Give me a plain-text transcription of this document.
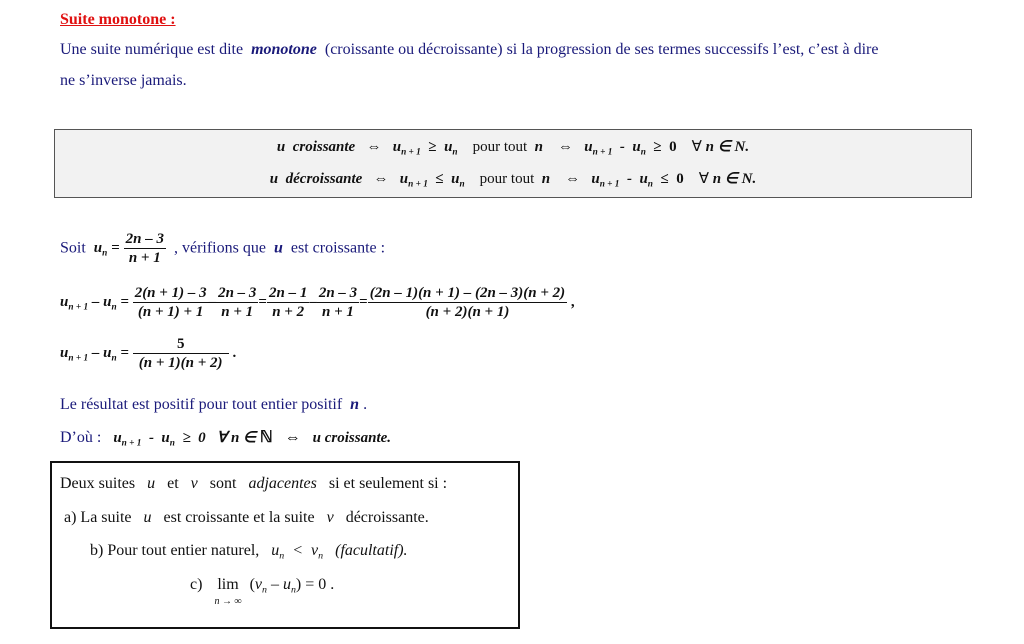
Suite monotone :
Une suite numérique est dite monotone (croissante ou décroissante) si la progression de ses termes successifs l’est, c’est à dire
ne s’inverse jamais.
u croissante ⇔ $u_{n + 1} \ge u_n$ pour tout n ⇔ $u_{n + 1} - u_n \ge 0$ ∀ n ∈ N.
u décroissante ⇔ $u_{n + 1} \le u_n$ pour tout n ⇔ $u_{n + 1} - u_n \le 0$ ∀ n ∈ N.
Soit $u_n = \frac{2n - 3}{n + 1}$ , vérifions que u est croissante :
$u_{n + 1} - u_n = \frac{2(n + 1) - 3}{(n + 1) + 1} - \frac{2n - 3}{n + 1} = \frac{2n - 1}{n + 2} - \frac{2n - 3}{n + 1} = \frac{(2n - 1)(n + 1) - (2n - 3)(n + 2)}{(n + 2)(n + 1)}$ ,
$u_{n + 1} - u_n = \frac{5}{(n + 1)(n + 2)}$ .
Le résultat est positif pour tout entier positif n .
D’où : $u_{n + 1} - u_n \ge 0$   ∀ n ∈ ℕ ⇔ u croissante.
Deux suites u et v sont adjacentes si et seulement si :
a) La suite u est croissante et la suite v décroissante.
b) Pour tout entier naturel, $u_n < v_n$ (facultatif).
c) lim
n → ∞
$(v_n - u_n) = 0$ .
